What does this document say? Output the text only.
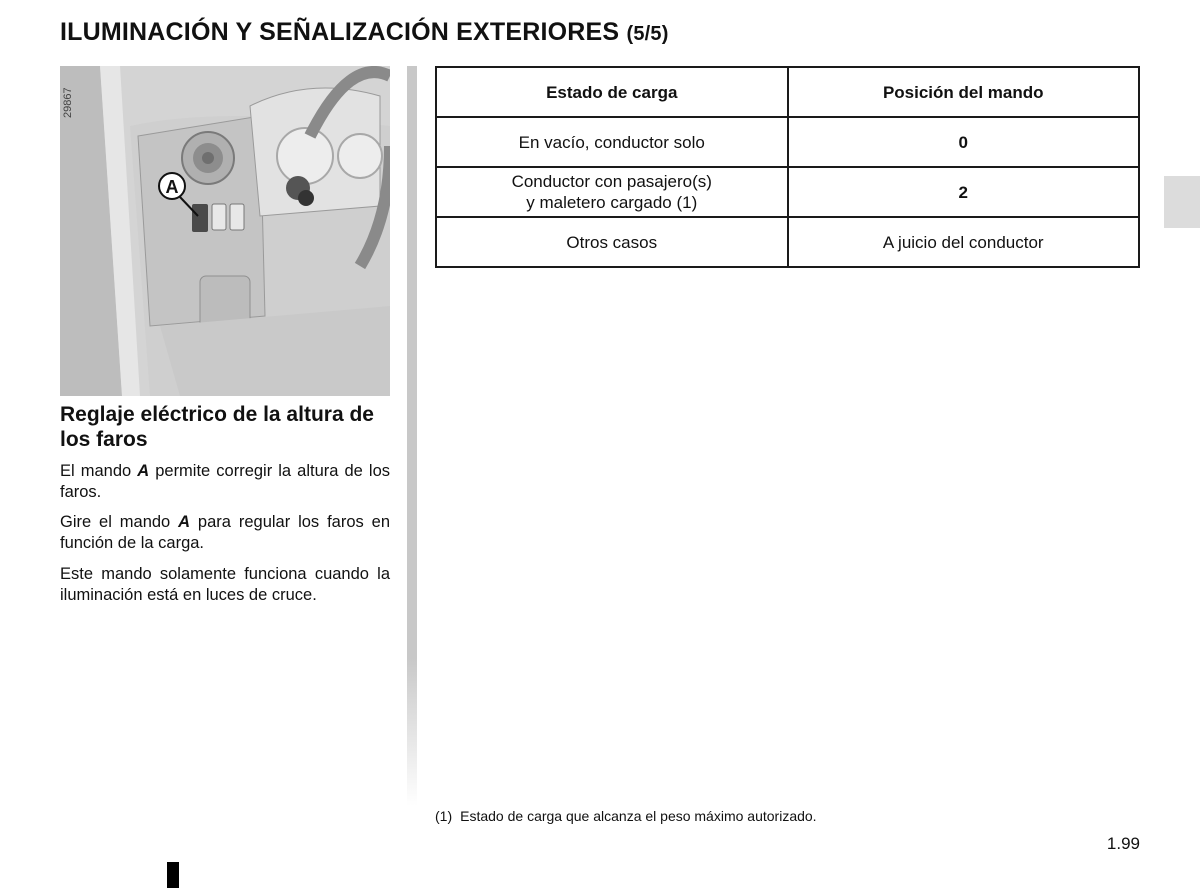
ILUMINACIÓN Y SEÑALIZACIÓN EXTERIORES (5/5)
A
29867
Reglaje eléctrico de la altura de los faros

El mando A permite corregir la altura de los faros.

Gire el mando A para regular los faros en función de la carga.

Este mando solamente funciona cuando la iluminación está en luces de cruce.

Estado de carga	Posición del mando
En vacío, conductor solo	0
Conductor con pasajero(s)
y maletero cargado (1)	2
Otros casos	A juicio del conductor

(1) Estado de carga que alcanza el peso máximo autorizado.

1.99
